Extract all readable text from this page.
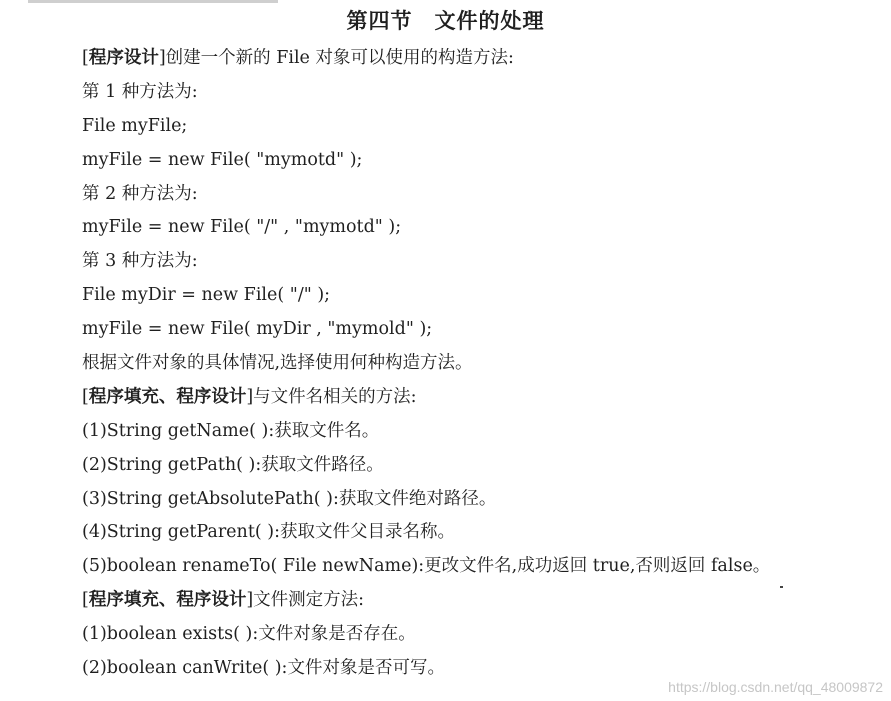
第四节　文件的处理
[程序设计]创建一个新的 File 对象可以使用的构造方法:
第 1 种方法为:
File myFile;
myFile = new File( "mymotd" );
第 2 种方法为:
myFile = new File( "/" , "mymotd" );
第 3 种方法为:
File myDir = new File( "/" );
myFile = new File( myDir , "mymold" );
根据文件对象的具体情况,选择使用何种构造方法。
[程序填充、程序设计]与文件名相关的方法:
(1)String getName( ):获取文件名。
(2)String getPath( ):获取文件路径。
(3)String getAbsolutePath( ):获取文件绝对路径。
(4)String getParent( ):获取文件父目录名称。
(5)boolean renameTo( File newName):更改文件名,成功返回 true,否则返回 false。
[程序填充、程序设计]文件测定方法:
(1)boolean exists( ):文件对象是否存在。
(2)boolean canWrite( ):文件对象是否可写。
https://blog.csdn.net/qq_48009872
